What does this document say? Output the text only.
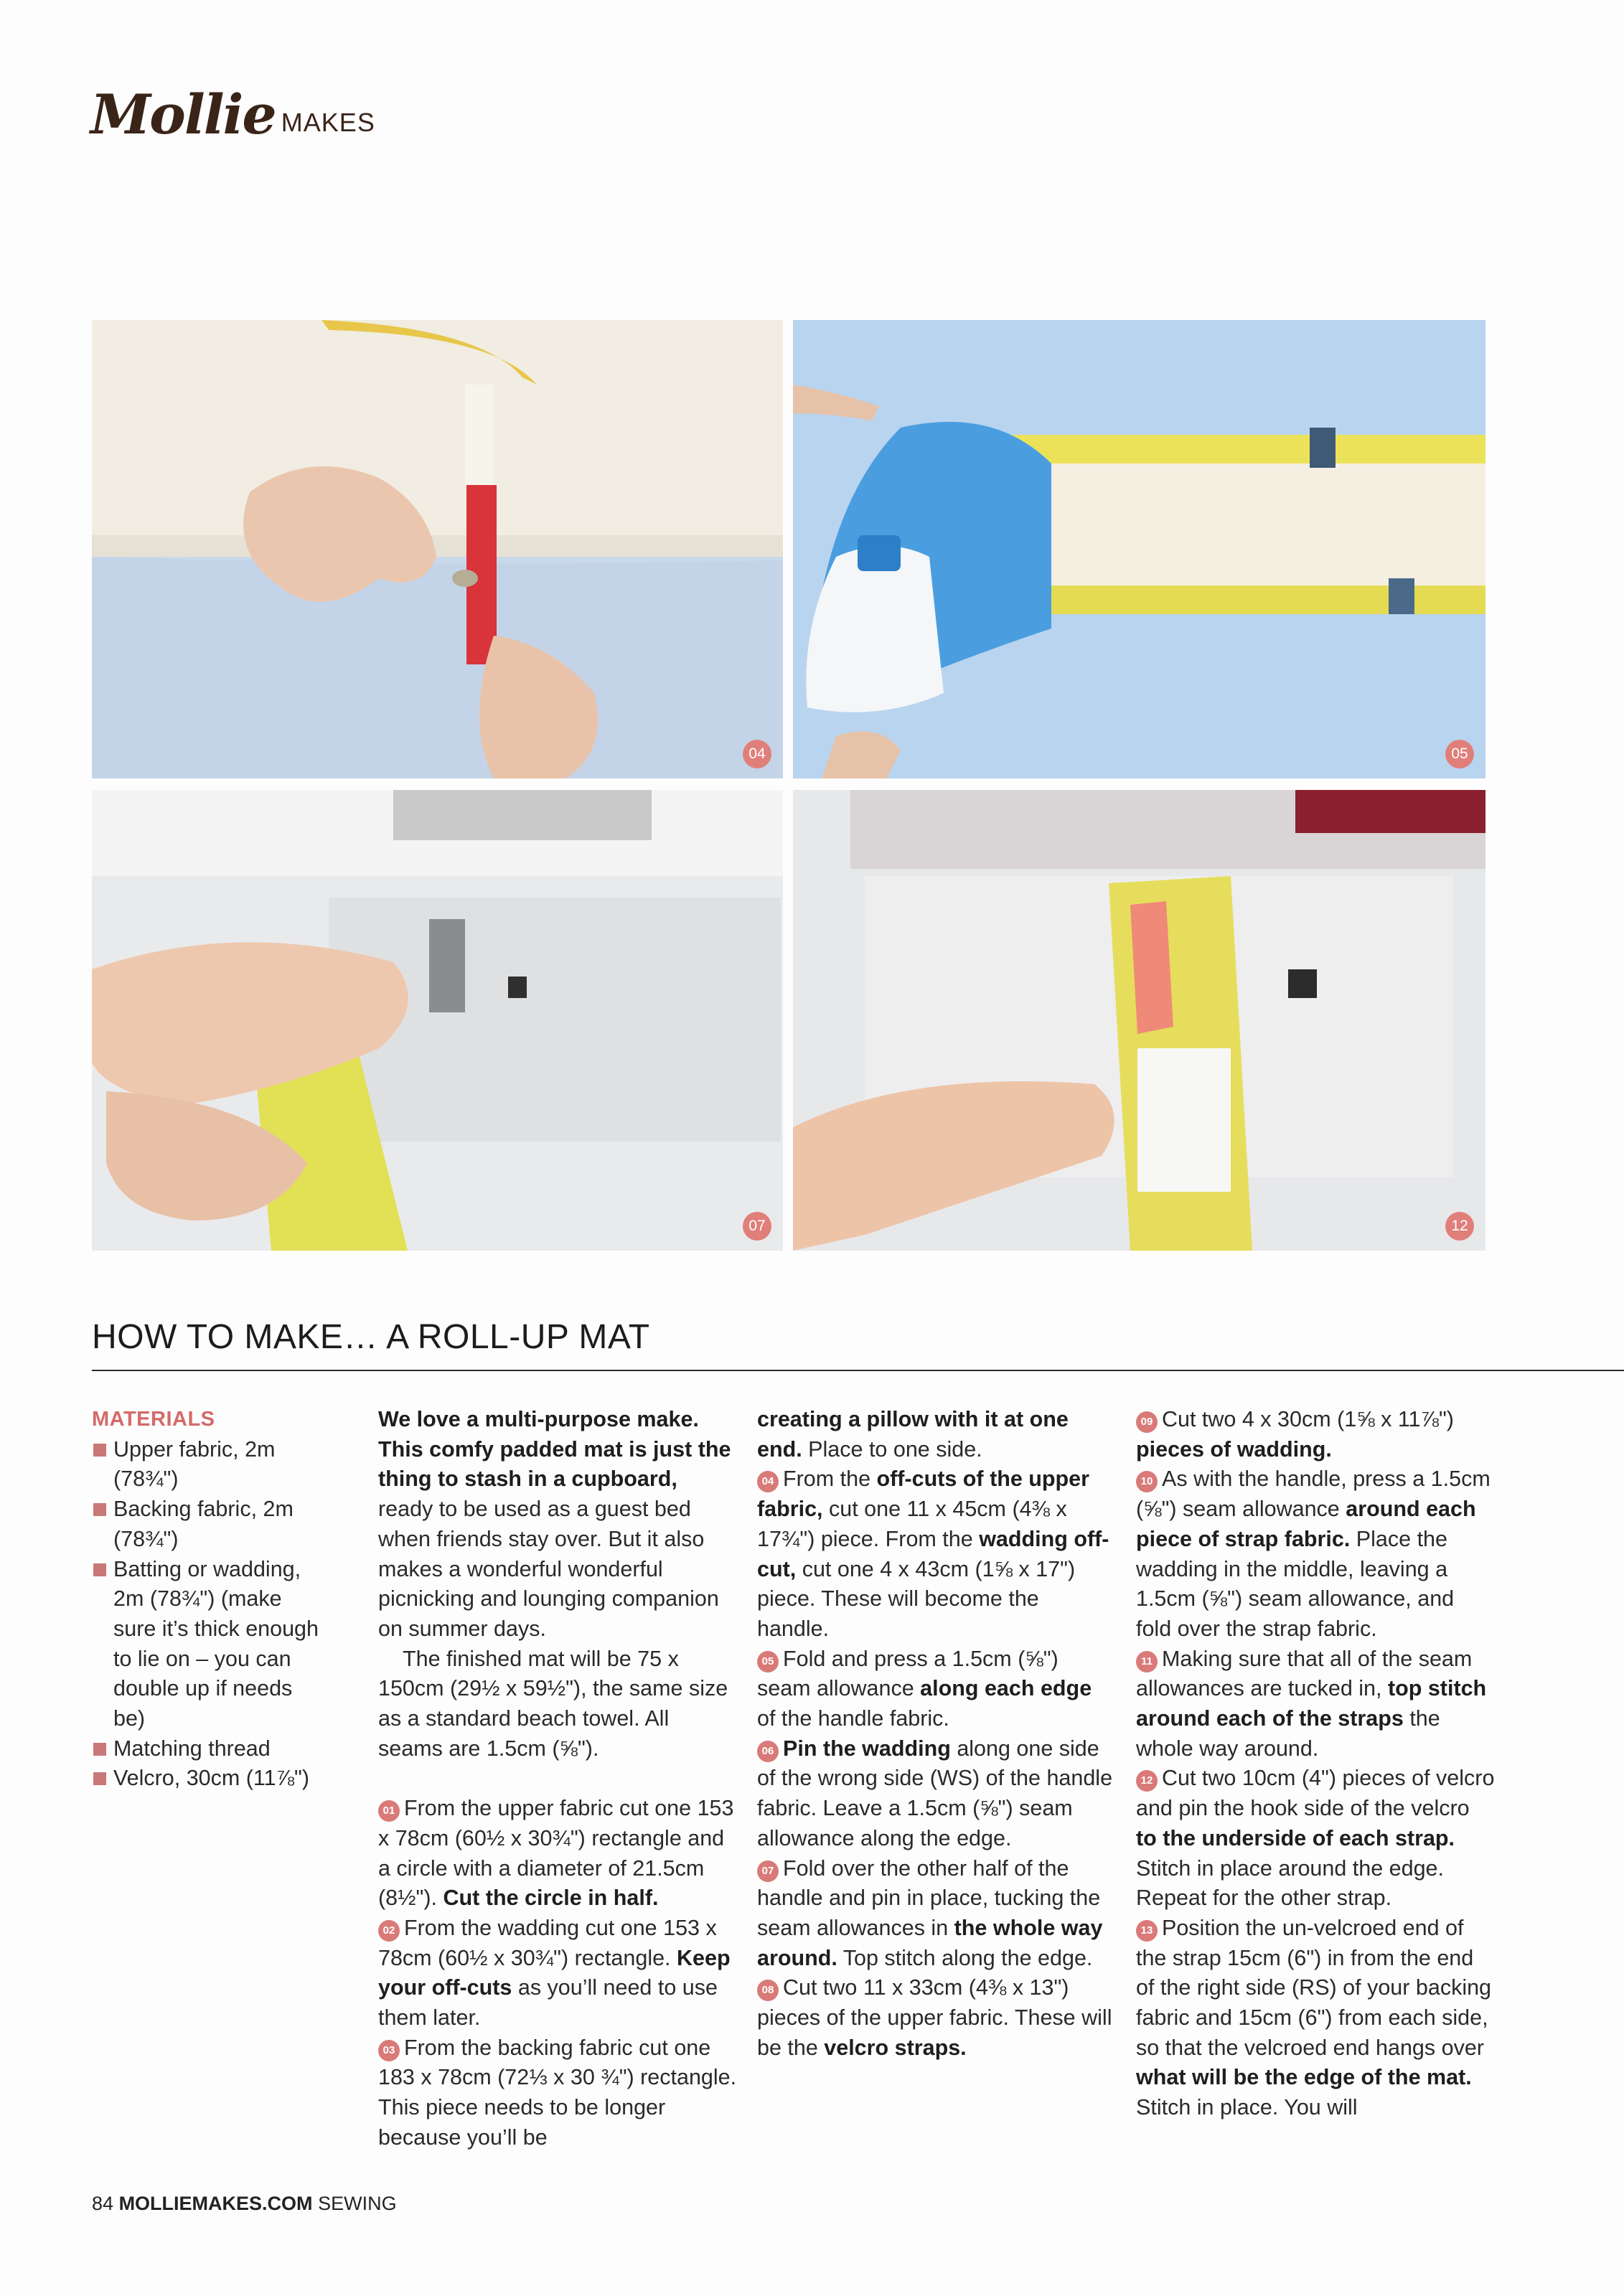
Mollie MAKES
04	05
07	12
HOW TO MAKE… A ROLL-UP MAT

MATERIALS

Upper fabric, 2m (78¾")
Backing fabric, 2m (78¾")
Batting or wadding, 2m (78¾") (make sure it’s thick enough to lie on – you can double up if needs be)
Matching thread
Velcro, 30cm (11⅞")

We love a multi-purpose make. This comfy padded mat is just the thing to stash in a cupboard, ready to be used as a guest bed when friends stay over. But it also makes a wonderful wonderful picnicking and lounging companion on summer days.

The finished mat will be 75 x 150cm (29½ x 59½"), the same size as a standard beach towel. All seams are 1.5cm (⅝").

01 From the upper fabric cut one 153 x 78cm (60½ x 30¾") rectangle and a circle with a diameter of 21.5cm (8½"). Cut the circle in half.

02 From the wadding cut one 153 x 78cm (60½ x 30¾") rectangle. Keep your off-cuts as you’ll need to use them later.

03 From the backing fabric cut one 183 x 78cm (72⅓ x 30 ¾") rectangle. This piece needs to be longer because you’ll be

creating a pillow with it at one end. Place to one side.

04 From the off-cuts of the upper fabric, cut one 11 x 45cm (4⅜ x 17¾") piece. From the wadding off-cut, cut one 4 x 43cm (1⅝ x 17") piece. These will become the handle.

05 Fold and press a 1.5cm (⅝") seam allowance along each edge of the handle fabric.

06 Pin the wadding along one side of the wrong side (WS) of the handle fabric. Leave a 1.5cm (⅝") seam allowance along the edge.

07 Fold over the other half of the handle and pin in place, tucking the seam allowances in the whole way around. Top stitch along the edge.

08 Cut two 11 x 33cm (4⅜ x 13") pieces of the upper fabric. These will be the velcro straps.

09 Cut two 4 x 30cm (1⅝ x 11⅞") pieces of wadding.

10 As with the handle, press a 1.5cm (⅝") seam allowance around each piece of strap fabric. Place the wadding in the middle, leaving a 1.5cm (⅝") seam allowance, and fold over the strap fabric.

11 Making sure that all of the seam allowances are tucked in, top stitch around each of the straps the whole way around.

12 Cut two 10cm (4") pieces of velcro and pin the hook side of the velcro to the underside of each strap. Stitch in place around the edge. Repeat for the other strap.

13 Position the un-velcroed end of the strap 15cm (6") in from the end of the right side (RS) of your backing fabric and 15cm (6") from each side, so that the velcroed end hangs over what will be the edge of the mat. Stitch in place. You will

84 MOLLIEMAKES.COM SEWING
